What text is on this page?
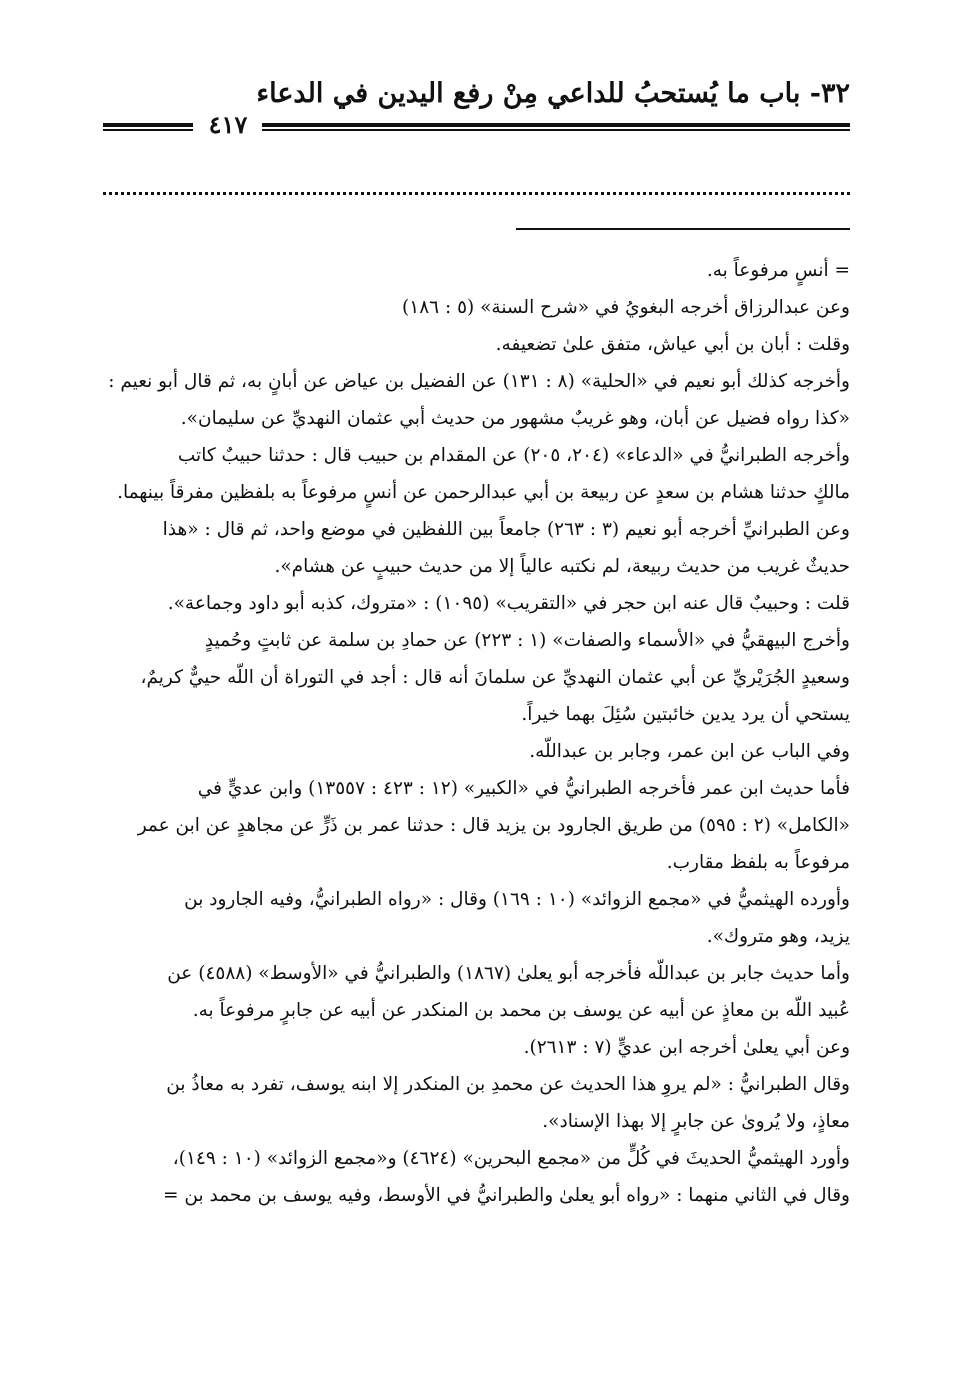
٣٢- باب ما يُستحبُ للداعي مِنْ رفع اليدين في الدعاء
٤١٧

= أنسٍ مرفوعاً به.

وعن عبدالرزاق أخرجه البغويُ في «شرح السنة» (٥ : ١٨٦)

وقلت : أبان بن أبي عياش، متفق علىٰ تضعيفه.

وأخرجه كذلك أبو نعيم في «الحلية» (٨ : ١٣١) عن الفضيل بن عياض عن أبانٍ به، ثم قال أبو نعيم :

«كذا رواه فضيل عن أبان، وهو غريبٌ مشهور من حديث أبي عثمان النهديِّ عن سليمان».

وأخرجه الطبرانيُّ في «الدعاء» (٢٠٤، ٢٠٥) عن المقدام بن حبيب قال : حدثنا حبيبٌ كاتب

مالكٍ حدثنا هشام بن سعدٍ عن ربيعة بن أبي عبدالرحمن عن أنسٍ مرفوعاً به بلفظين مفرقاً بينهما.

وعن الطبرانيِّ أخرجه أبو نعيم (٣ : ٢٦٣) جامعاً بين اللفظين في موضع واحد، ثم قال : «هذا

حديثٌ غريب من حديث ربيعة، لم نكتبه عالياً إلا من حديث حبيبٍ عن هشام».

قلت : وحبيبٌ قال عنه ابن حجر في «التقريب» (١٠٩٥) : «متروك، كذبه أبو داود وجماعة».

وأخرج البيهقيُّ في «الأسماء والصفات» (١ : ٢٢٣) عن حمادِ بن سلمة عن ثابتٍ وحُميدٍ

وسعيدٍ الجُرَيْريِّ عن أبي عثمان النهديِّ عن سلمانَ أنه قال : أجد في التوراة أن اللّه حييٌّ كريمٌ،

يستحي أن يرد يدين خائبتين سُئِلَ بهما خيراً.

وفي الباب عن ابن عمر، وجابر بن عبداللّه.

فأما حديث ابن عمر فأخرجه الطبرانيُّ في «الكبير» (١٢ : ٤٢٣ : ١٣٥٥٧) وابن عديٍّ في

«الكامل» (٢ : ٥٩٥) من طريق الجارود بن يزيد قال : حدثنا عمر بن ذَرٍّ عن مجاهدٍ عن ابن عمر

مرفوعاً به بلفظ مقارب.

وأورده الهيثميُّ في «مجمع الزوائد» (١٠ : ١٦٩) وقال : «رواه الطبرانيُّ، وفيه الجارود بن

يزيد، وهو متروك».

وأما حديث جابر بن عبداللّه فأخرجه أبو يعلىٰ (١٨٦٧) والطبرانيُّ في «الأوسط» (٤٥٨٨) عن

عُبيد اللّه بن معاذٍ عن أبيه عن يوسف بن محمد بن المنكدر عن أبيه عن جابرٍ مرفوعاً به.

وعن أبي يعلىٰ أخرجه ابن عديٍّ (٧ : ٢٦١٣).

وقال الطبرانيُّ : «لم يروِ هذا الحديث عن محمدِ بن المنكدر إلا ابنه يوسف، تفرد به معاذُ بن

معاذٍ، ولا يُروىٰ عن جابرٍ إلا بهذا الإسناد».

وأورد الهيثميُّ الحديثَ في كُلٍّ من «مجمع البحرين» (٤٦٢٤) و«مجمع الزوائد» (١٠ : ١٤٩)،

وقال في الثاني منهما : «رواه أبو يعلىٰ والطبرانيُّ في الأوسط، وفيه يوسف بن محمد بن =
